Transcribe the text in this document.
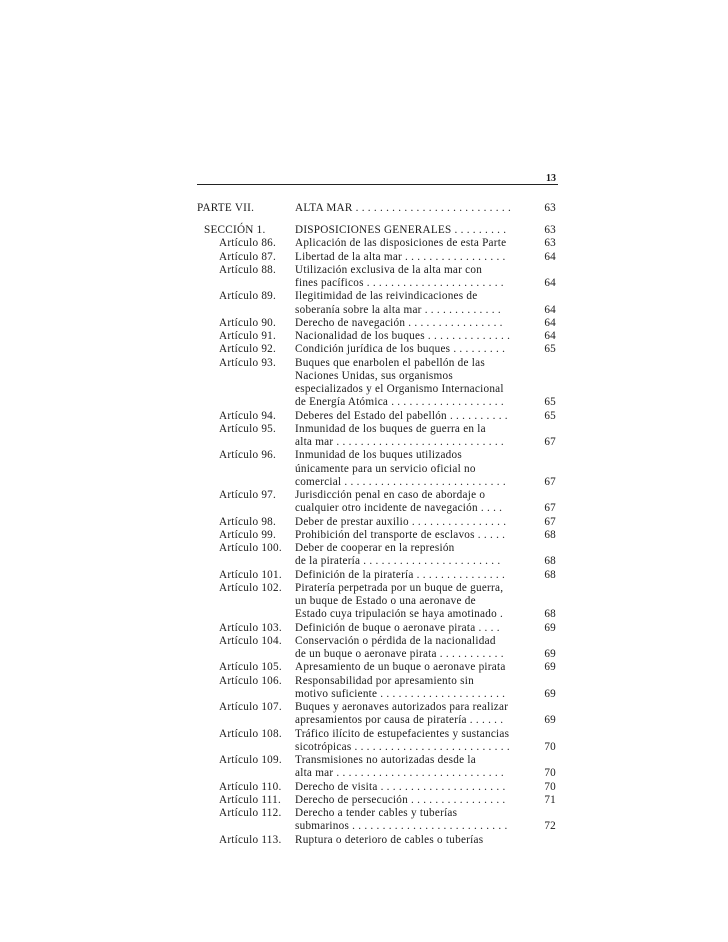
13
PARTE VII.	ALTA MAR . . . . . . . . . . . . . . . . . . . . . . . . . .	63
SECCIÓN 1.	DISPOSICIONES GENERALES . . . . . . . . .	63
Artículo 86. Aplicación de las disposiciones de esta Parte	63
Artículo 87. Libertad de la alta mar . . . . . . . . . . . . . . . . .	64
Artículo 88. Utilización exclusiva de la alta mar con
fines pacíficos . . . . . . . . . . . . . . . . . . . . . . .	64
Artículo 89. Ilegitimidad de las reivindicaciones de
soberanía sobre la alta mar . . . . . . . . . . . . .	64
Artículo 90. Derecho de navegación . . . . . . . . . . . . . . . .	64
Artículo 91. Nacionalidad de los buques . . . . . . . . . . . . . .	64
Artículo 92. Condición jurídica de los buques . . . . . . . . .	65
Artículo 93. Buques que enarbolen el pabellón de las
Naciones Unidas, sus organismos
especializados y el Organismo Internacional
de Energía Atómica . . . . . . . . . . . . . . . . . . .	65
Artículo 94. Deberes del Estado del pabellón . . . . . . . . . .	65
Artículo 95. Inmunidad de los buques de guerra en la
alta mar . . . . . . . . . . . . . . . . . . . . . . . . . . . .	67
Artículo 96. Inmunidad de los buques utilizados
únicamente para un servicio oficial no
comercial . . . . . . . . . . . . . . . . . . . . . . . . . . .	67
Artículo 97. Jurisdicción penal en caso de abordaje o
cualquier otro incidente de navegación . . . .	67
Artículo 98. Deber de prestar auxilio . . . . . . . . . . . . . . . .	67
Artículo 99. Prohibición del transporte de esclavos . . . . .	68
Artículo 100. Deber de cooperar en la represión
de la piratería . . . . . . . . . . . . . . . . . . . . . . .	68
Artículo 101. Definición de la piratería . . . . . . . . . . . . . . .	68
Artículo 102. Piratería perpetrada por un buque de guerra,
un buque de Estado o una aeronave de
Estado cuya tripulación se haya amotinado .	68
Artículo 103. Definición de buque o aeronave pirata . . . .	69
Artículo 104. Conservación o pérdida de la nacionalidad
de un buque o aeronave pirata . . . . . . . . . . .	69
Artículo 105. Apresamiento de un buque o aeronave pirata	69
Artículo 106. Responsabilidad por apresamiento sin
motivo suficiente . . . . . . . . . . . . . . . . . . . . .	69
Artículo 107. Buques y aeronaves autorizados para realizar
apresamientos por causa de piratería . . . . . .	69
Artículo 108. Tráfico ilícito de estupefacientes y sustancias
sicotrópicas . . . . . . . . . . . . . . . . . . . . . . . . . .	70
Artículo 109. Transmisiones no autorizadas desde la
alta mar . . . . . . . . . . . . . . . . . . . . . . . . . . . .	70
Artículo 110. Derecho de visita . . . . . . . . . . . . . . . . . . . . .	70
Artículo 111. Derecho de persecución . . . . . . . . . . . . . . . .	71
Artículo 112. Derecho a tender cables y tuberías
submarinos . . . . . . . . . . . . . . . . . . . . . . . . . .	72
Artículo 113. Ruptura o deterioro de cables o tuberías
